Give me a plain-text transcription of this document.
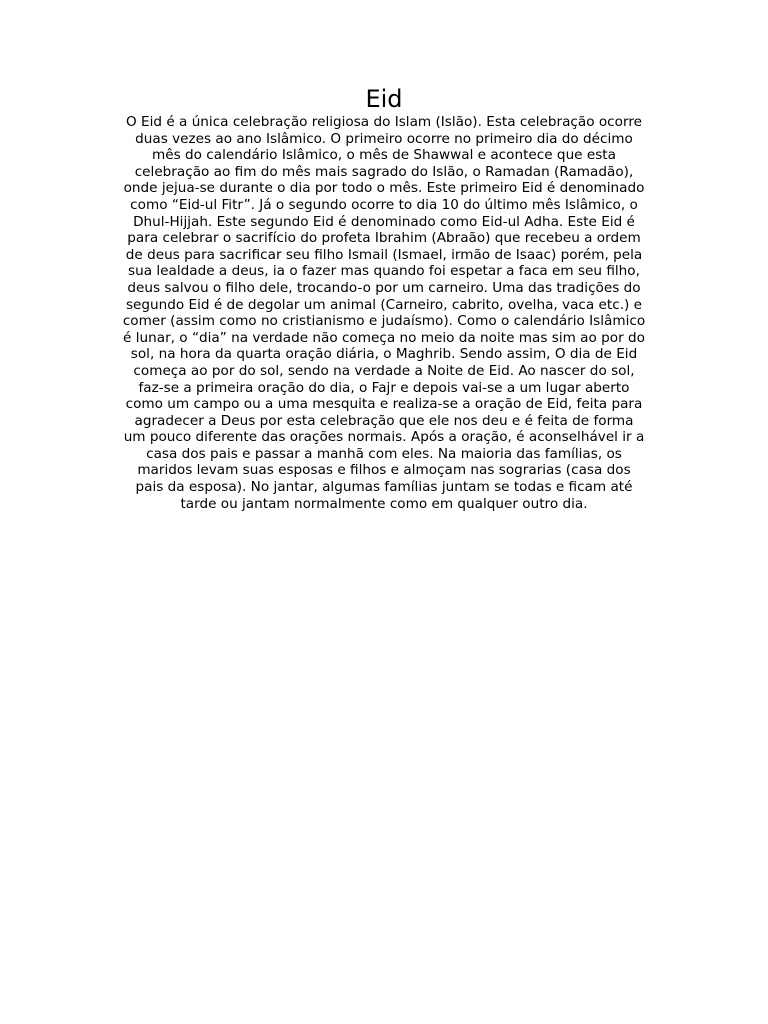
Eid
O Eid é a única celebração religiosa do Islam (Islão). Esta celebração ocorre
duas vezes ao ano Islâmico. O primeiro ocorre no primeiro dia do décimo
mês do calendário Islâmico, o mês de Shawwal e acontece que esta
celebração ao fim do mês mais sagrado do Islão, o Ramadan (Ramadão),
onde jejua-se durante o dia por todo o mês. Este primeiro Eid é denominado
como “Eid-ul Fitr”. Já o segundo ocorre to dia 10 do último mês Islâmico, o
Dhul-Hijjah. Este segundo Eid é denominado como Eid-ul Adha. Este Eid é
para celebrar o sacrifício do profeta Ibrahim (Abraão) que recebeu a ordem
de deus para sacrificar seu filho Ismail (Ismael, irmão de Isaac) porém, pela
sua lealdade a deus, ia o fazer mas quando foi espetar a faca em seu filho,
deus salvou o filho dele, trocando-o por um carneiro. Uma das tradições do
segundo Eid é de degolar um animal (Carneiro, cabrito, ovelha, vaca etc.) e
comer (assim como no cristianismo e judaísmo). Como o calendário Islâmico
é lunar, o “dia” na verdade não começa no meio da noite mas sim ao por do
sol, na hora da quarta oração diária, o Maghrib. Sendo assim, O dia de Eid
começa ao por do sol, sendo na verdade a Noite de Eid. Ao nascer do sol,
faz-se a primeira oração do dia, o Fajr e depois vai-se a um lugar aberto
como um campo ou a uma mesquita e realiza-se a oração de Eid, feita para
agradecer a Deus por esta celebração que ele nos deu e é feita de forma
um pouco diferente das orações normais. Após a oração, é aconselhável ir a
casa dos pais e passar a manhã com eles. Na maioria das famílias, os
maridos levam suas esposas e filhos e almoçam nas sograrias (casa dos
pais da esposa). No jantar, algumas famílias juntam se todas e ficam até
tarde ou jantam normalmente como em qualquer outro dia.
